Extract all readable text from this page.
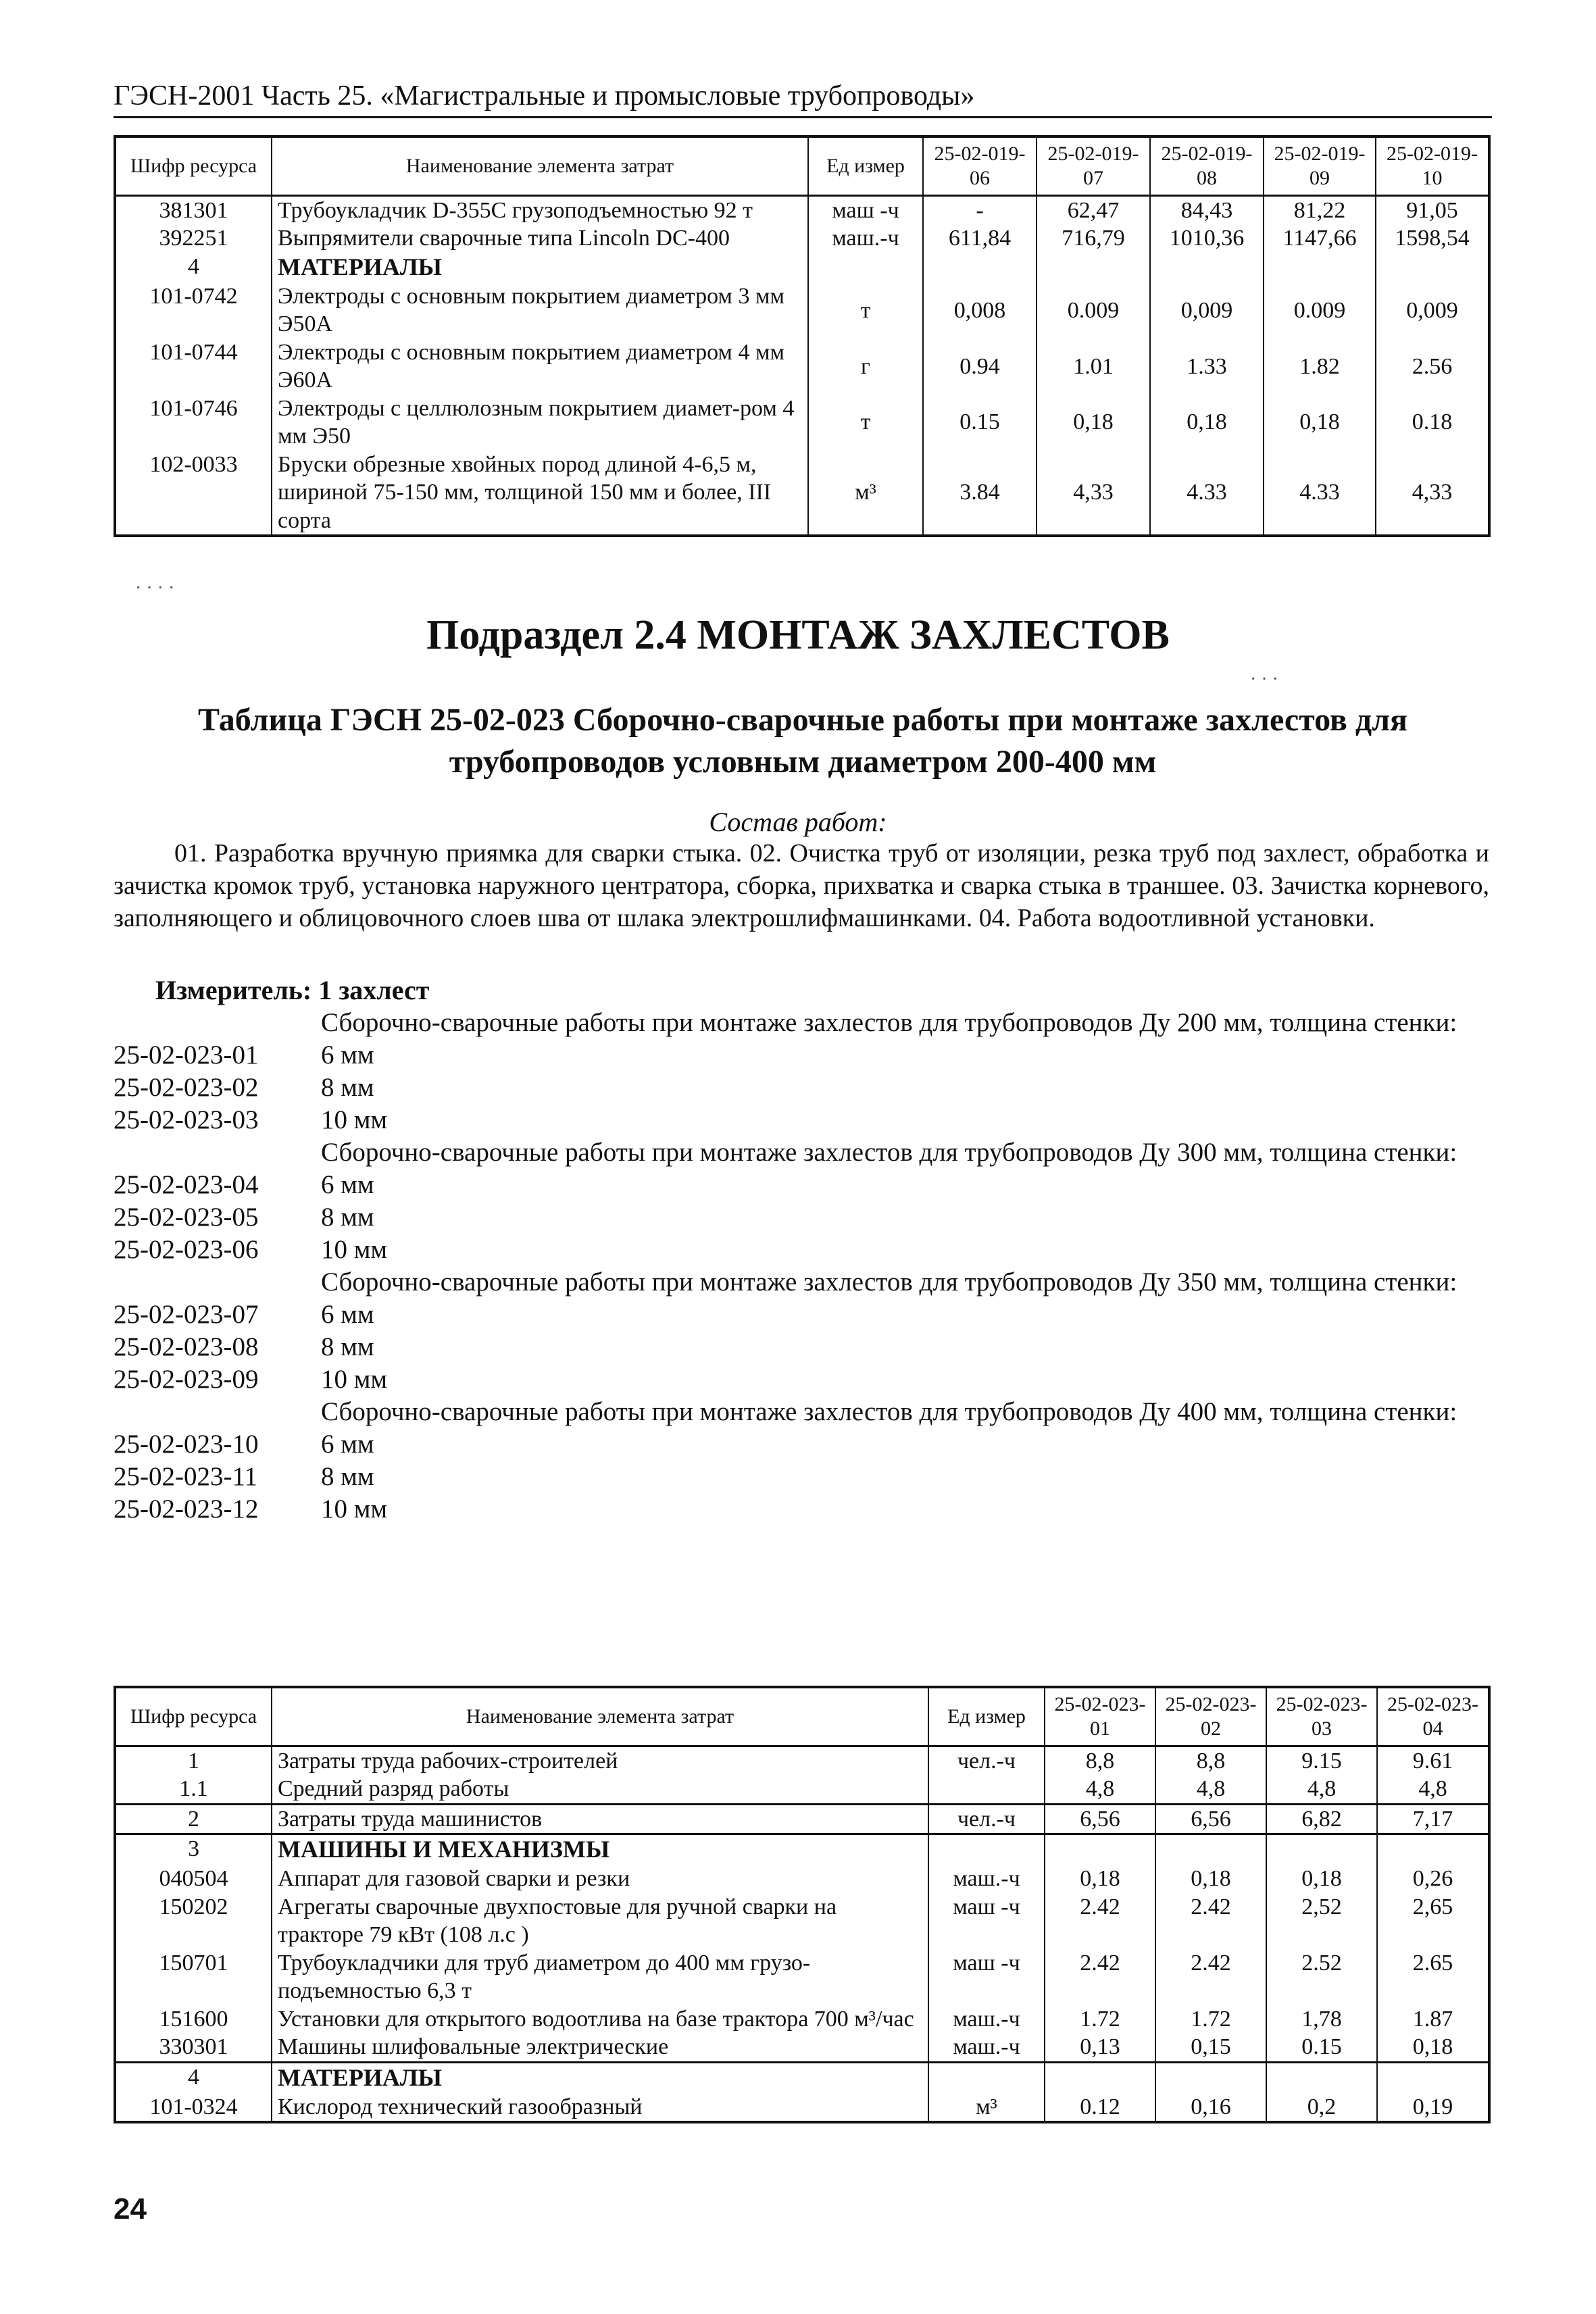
ГЭСН-2001 Часть 25. «Магистральные и промысловые трубопроводы»
Шифр ресурса	Наименование элемента затрат	Ед измер	25-02-019-06	25-02-019-07	25-02-019-08	25-02-019-09	25-02-019-10
381301	Трубоукладчик D-355C грузоподъемностью 92 т	маш -ч	-	62,47	84,43	81,22	91,05
392251	Выпрямители сварочные типа Lincoln DC-400	маш.-ч	611,84	716,79	1010,36	1147,66	1598,54
4	МАТЕРИАЛЫ						
101-0742	Электроды с основным покрытием диаметром 3 мм Э50А	т	0,008	0.009	0,009	0.009	0,009
101-0744	Электроды с основным покрытием диаметром 4 мм Э60А	г	0.94	1.01	1.33	1.82	2.56
101-0746	Электроды с целлюлозным покрытием диамет-ром 4 мм Э50	т	0.15	0,18	0,18	0,18	0.18
102-0033	Бруски обрезные хвойных пород длиной 4-6,5 м, шириной 75-150 мм, толщиной 150 мм и более, III сорта	м³	3.84	4,33	4.33	4.33	4,33
Подраздел 2.4 МОНТАЖ ЗАХЛЕСТОВ
Таблица ГЭСН 25-02-023 Сборочно-сварочные работы при монтаже захлестов для трубопроводов условным диаметром 200-400 мм
Состав работ:
01. Разработка вручную приямка для сварки стыка. 02. Очистка труб от изоляции, резка труб под захлест, обработка и зачистка кромок труб, установка наружного центратора, сборка, прихватка и сварка стыка в траншее. 03. Зачистка корневого, заполняющего и облицовочного слоев шва от шлака электрошлифмашинками. 04. Работа водоотливной установки.
Измеритель: 1 захлест
Сборочно-сварочные работы при монтаже захлестов для трубопроводов Ду 200 мм, толщина стенки:
25-02-023-01	6 мм
25-02-023-02	8 мм
25-02-023-03	10 мм
Сборочно-сварочные работы при монтаже захлестов для трубопроводов Ду 300 мм, толщина стенки:
25-02-023-04	6 мм
25-02-023-05	8 мм
25-02-023-06	10 мм
Сборочно-сварочные работы при монтаже захлестов для трубопроводов Ду 350 мм, толщина стенки:
25-02-023-07	6 мм
25-02-023-08	8 мм
25-02-023-09	10 мм
Сборочно-сварочные работы при монтаже захлестов для трубопроводов Ду 400 мм, толщина стенки:
25-02-023-10	6 мм
25-02-023-11	8 мм
25-02-023-12	10 мм
Шифр ресурса	Наименование элемента затрат	Ед измер	25-02-023-01	25-02-023-02	25-02-023-03	25-02-023-04
1	Затраты труда рабочих-строителей	чел.-ч	8,8	8,8	9.15	9.61
1.1	Средний разряд работы		4,8	4,8	4,8	4,8
2	Затраты труда машинистов	чел.-ч	6,56	6,56	6,82	7,17
3	МАШИНЫ И МЕХАНИЗМЫ					
040504	Аппарат для газовой сварки и резки	маш.-ч	0,18	0,18	0,18	0,26
150202	Агрегаты сварочные двухпостовые для ручной сварки на тракторе 79 кВт (108 л.с )	маш -ч	2.42	2.42	2,52	2,65
150701	Трубоукладчики для труб диаметром до 400 мм грузо-подъемностью 6,3 т	маш -ч	2.42	2.42	2.52	2.65
151600	Установки для открытого водоотлива на базе трактора 700 м³/час	маш.-ч	1.72	1.72	1,78	1.87
330301	Машины шлифовальные электрические	маш.-ч	0,13	0,15	0.15	0,18
4	МАТЕРИАЛЫ					
101-0324	Кислород технический газообразный	м³	0.12	0,16	0,2	0,19
24
· · · ·
· · ·
